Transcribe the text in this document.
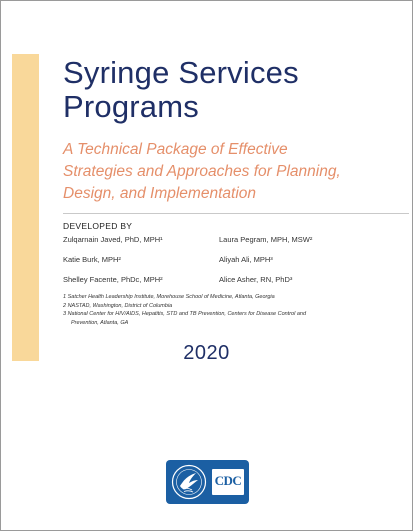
Syringe Services
Programs
A Technical Package of Effective
Strategies and Approaches for Planning,
Design, and Implementation
DEVELOPED BY
Zulqarnain Javed, PhD, MPH¹	Laura Pegram, MPH, MSW²
Katie Burk, MPH²	Aliyah Ali, MPH³
Shelley Facente, PhDc, MPH²	Alice Asher, RN, PhD³
1 Satcher Health Leadership Institute, Morehouse School of Medicine, Atlanta, Georgia
2 NASTAD, Washington, District of Columbia
3 National Center for HIV/AIDS, Hepatitis, STD and TB Prevention, Centers for Disease Control and
Prevention, Atlanta, GA
2020
CDC
